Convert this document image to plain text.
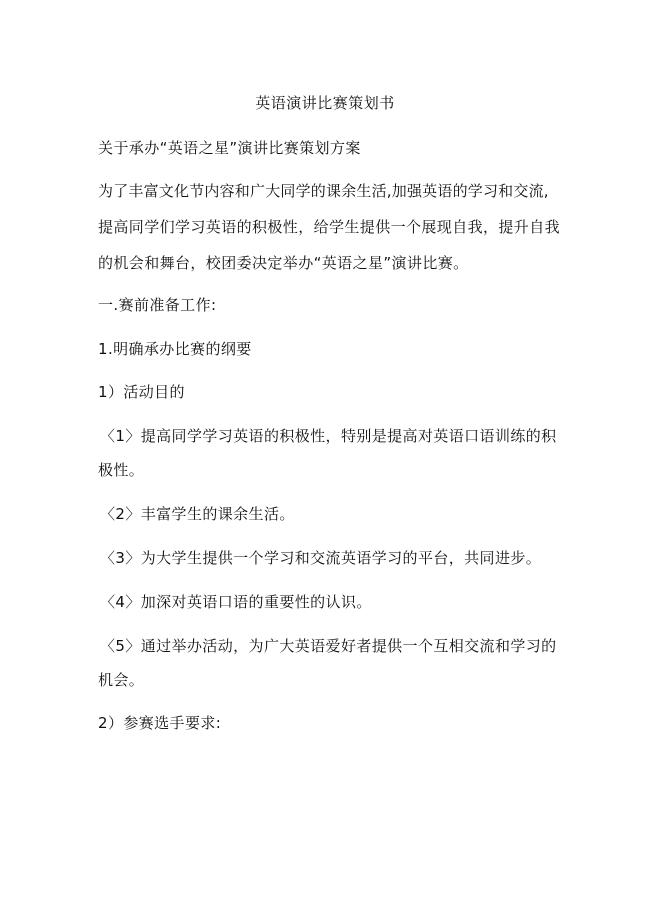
英语演讲比赛策划书
关于承办“英语之星”演讲比赛策划方案
为了丰富文化节内容和广大同学的课余生活,加强英语的学习和交流,
提高同学们学习英语的积极性，给学生提供一个展现自我，提升自我
的机会和舞台，校团委决定举办“英语之星”演讲比赛。
一.赛前准备工作:
1.明确承办比赛的纲要
1）活动目的
〈1〉提高同学学习英语的积极性，特别是提高对英语口语训练的积
极性。
〈2〉丰富学生的课余生活。
〈3〉为大学生提供一个学习和交流英语学习的平台，共同进步。
〈4〉加深对英语口语的重要性的认识。
〈5〉通过举办活动，为广大英语爱好者提供一个互相交流和学习的
机会。
2）参赛选手要求:
